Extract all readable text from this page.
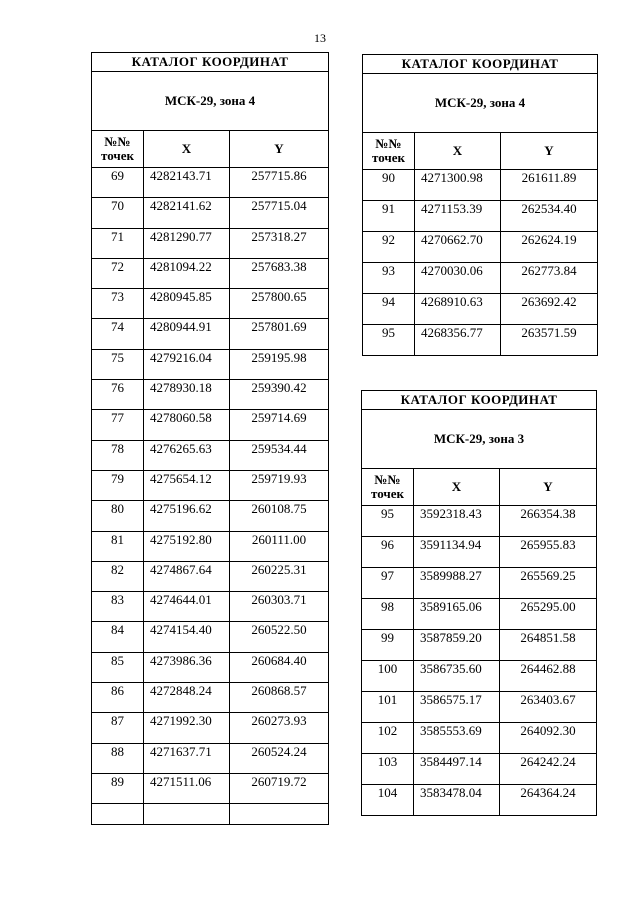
13
КАТАЛОГ КООРДИНАТ		
МСК-29, зона 4		
№№
точек	X	Y
69	4282143.71	257715.86
70	4282141.62	257715.04
71	4281290.77	257318.27
72	4281094.22	257683.38
73	4280945.85	257800.65
74	4280944.91	257801.69
75	4279216.04	259195.98
76	4278930.18	259390.42
77	4278060.58	259714.69
78	4276265.63	259534.44
79	4275654.12	259719.93
80	4275196.62	260108.75
81	4275192.80	260111.00
82	4274867.64	260225.31
83	4274644.01	260303.71
84	4274154.40	260522.50
85	4273986.36	260684.40
86	4272848.24	260868.57
87	4271992.30	260273.93
88	4271637.71	260524.24
89	4271511.06	260719.72

КАТАЛОГ КООРДИНАТ		
МСК-29, зона 4		
№№
точек	X	Y
90	4271300.98	261611.89
91	4271153.39	262534.40
92	4270662.70	262624.19
93	4270030.06	262773.84
94	4268910.63	263692.42
95	4268356.77	263571.59
КАТАЛОГ КООРДИНАТ		
МСК-29, зона 3		
№№
точек	X	Y
95	3592318.43	266354.38
96	3591134.94	265955.83
97	3589988.27	265569.25
98	3589165.06	265295.00
99	3587859.20	264851.58
100	3586735.60	264462.88
101	3586575.17	263403.67
102	3585553.69	264092.30
103	3584497.14	264242.24
104	3583478.04	264364.24
